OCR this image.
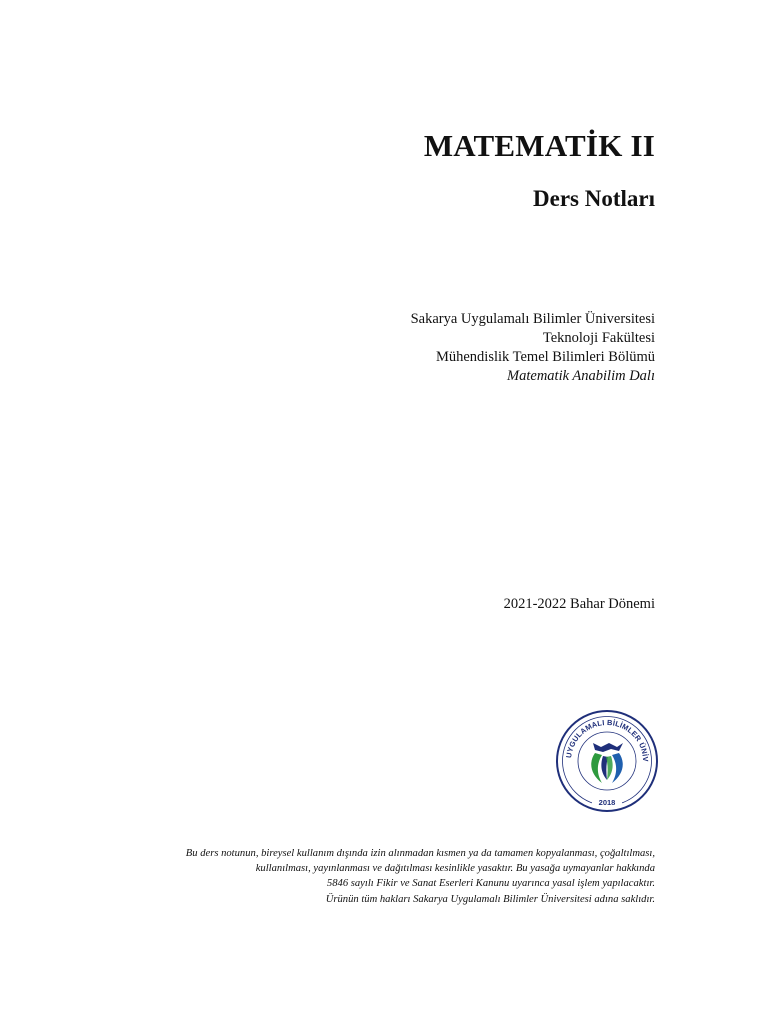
MATEMATİK II
Ders Notları
Sakarya Uygulamalı Bilimler Üniversitesi
Teknoloji Fakültesi
Mühendislik Temel Bilimleri Bölümü
Matematik Anabilim Dalı
2021-2022 Bahar Dönemi
UYGULAMALI BİLİMLER ÜNİV
2018
Bu ders notunun, bireysel kullanım dışında izin alınmadan kısmen ya da tamamen kopyalanması, çoğaltılması,
kullanılması, yayınlanması ve dağıtılması kesinlikle yasaktır. Bu yasağa uymayanlar hakkında
5846 sayılı Fikir ve Sanat Eserleri Kanunu uyarınca yasal işlem yapılacaktır.
Ürünün tüm hakları Sakarya Uygulamalı Bilimler Üniversitesi adına saklıdır.
